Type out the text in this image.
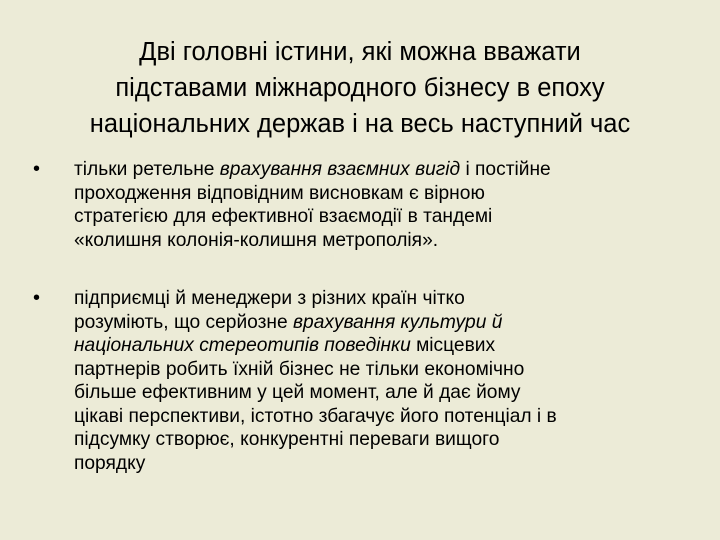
Дві головні істини, які можна вважати
підставами міжнародного бізнесу в епоху
національних держав і на весь наступний час
• тільки ретельне врахування взаємних вигід і постійне
проходження відповідним висновкам є вірною
стратегією для ефективної взаємодії в тандемі
«колишня колонія-колишня метрополія».
• підприємці й менеджери з різних країн чітко
розуміють, що серйозне врахування культури й
національних стереотипів поведінки місцевих
партнерів робить їхній бізнес не тільки економічно
більше ефективним у цей момент, але й дає йому
цікаві перспективи, істотно збагачує його потенціал і в
підсумку створює, конкурентні переваги вищого
порядку
